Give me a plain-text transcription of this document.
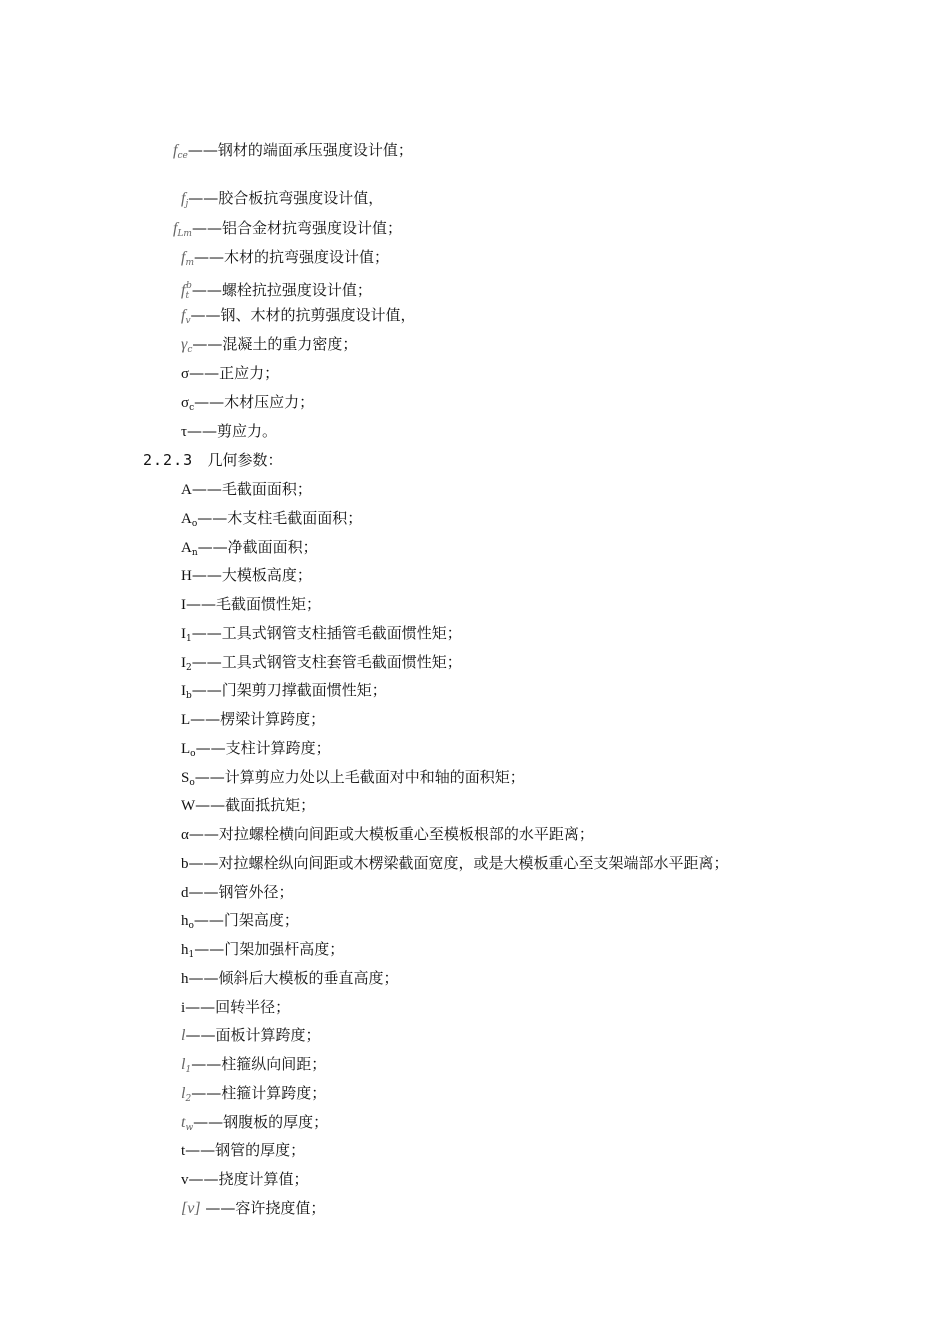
$f_{ce}——$钢材的端面承压强度设计值；
$f_j——$胶合板抗弯强度设计值，
$f_{Lm}——$铝合金材抗弯强度设计值；
$f_m——$木材的抗弯强度设计值；
$f_t^b——$螺栓抗拉强度设计值；
$f_v——$钢、木材的抗剪强度设计值，
$\gamma_c——$混凝土的重力密度；
σ——正应力；
$\sigma_c——$木材压应力；
τ——剪应力。
2.2.3 几何参数：
A——毛截面面积；
$A_o——$木支柱毛截面面积；
$A_n——$净截面面积；
H——大模板高度；
I——毛截面惯性矩；
$I_1——$工具式钢管支柱插管毛截面惯性矩；
$I_2——$工具式钢管支柱套管毛截面惯性矩；
$I_b——$门架剪刀撑截面惯性矩；
L——楞梁计算跨度；
$L_o——$支柱计算跨度；
$S_o——$计算剪应力处以上毛截面对中和轴的面积矩；
W——截面抵抗矩；
α——对拉螺栓横向间距或大模板重心至模板根部的水平距离；
b——对拉螺栓纵向间距或木楞梁截面宽度，或是大模板重心至支架端部水平距离；
d——钢管外径；
$h_o——$门架高度；
$h_1——$门架加强杆高度；
h——倾斜后大模板的垂直高度；
i——回转半径；
l——面板计算跨度；
$l_1——$柱箍纵向间距；
$l_2——$柱箍计算跨度；
$t_w——$钢腹板的厚度；
t——钢管的厚度；
v——挠度计算值；
[v] ——容许挠度值；
